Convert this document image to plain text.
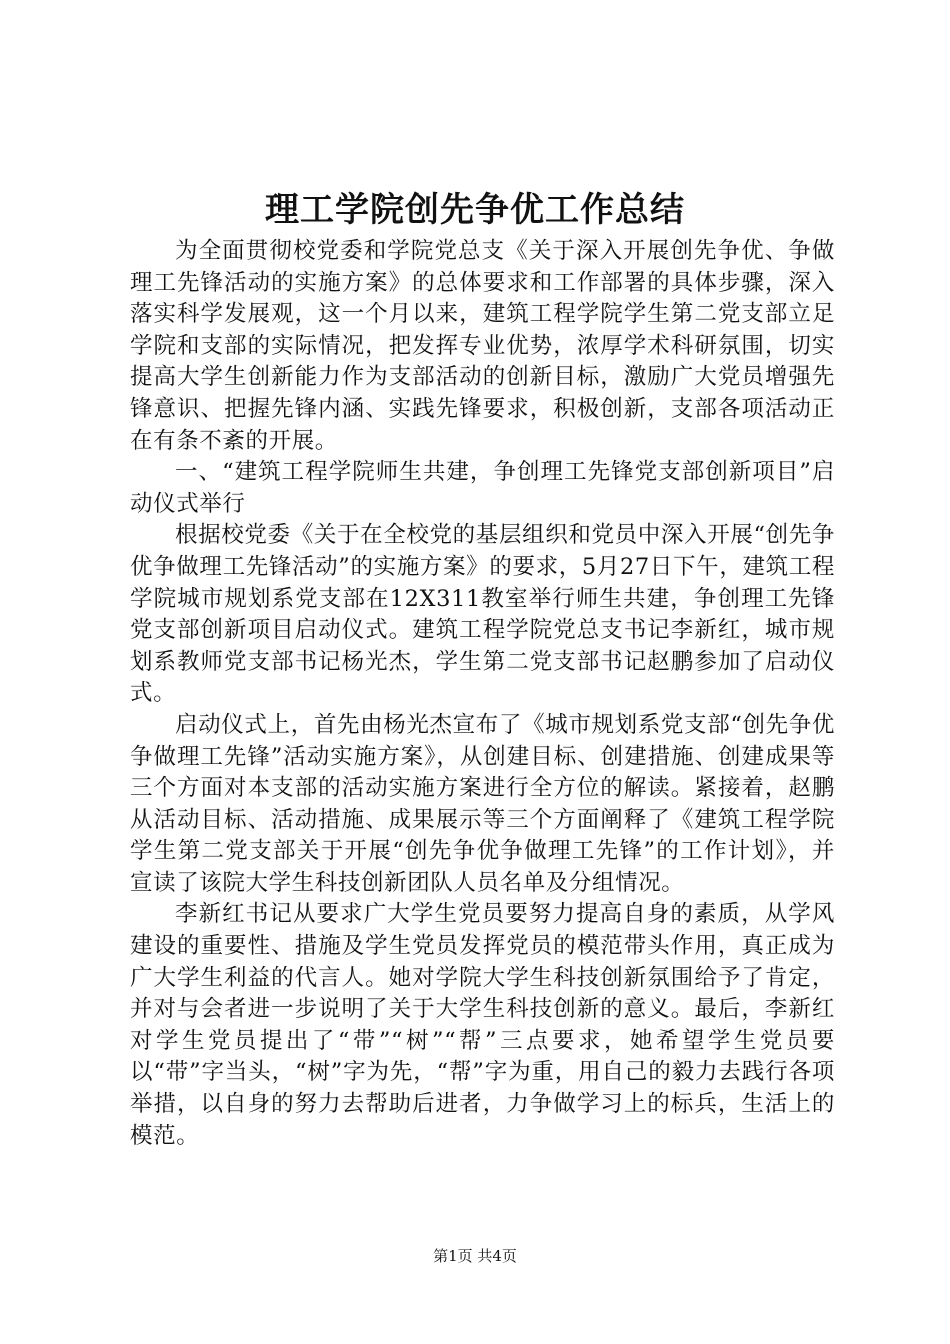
理工学院创先争优工作总结

为全面贯彻校党委和学院党总支《关于深入开展创先争优、争做理工先锋活动的实施方案》的总体要求和工作部署的具体步骤，深入落实科学发展观，这一个月以来，建筑工程学院学生第二党支部立足学院和支部的实际情况，把发挥专业优势，浓厚学术科研氛围，切实提高大学生创新能力作为支部活动的创新目标，激励广大党员增强先锋意识、把握先锋内涵、实践先锋要求，积极创新，支部各项活动正在有条不紊的开展。

一、“建筑工程学院师生共建，争创理工先锋党支部创新项目”启动仪式举行

根据校党委《关于在全校党的基层组织和党员中深入开展“创先争优争做理工先锋活动”的实施方案》的要求，5月27日下午，建筑工程学院城市规划系党支部在12X311教室举行师生共建，争创理工先锋党支部创新项目启动仪式。建筑工程学院党总支书记李新红，城市规划系教师党支部书记杨光杰，学生第二党支部书记赵鹏参加了启动仪式。

启动仪式上，首先由杨光杰宣布了《城市规划系党支部“创先争优争做理工先锋”活动实施方案》，从创建目标、创建措施、创建成果等三个方面对本支部的活动实施方案进行全方位的解读。紧接着，赵鹏从活动目标、活动措施、成果展示等三个方面阐释了《建筑工程学院学生第二党支部关于开展“创先争优争做理工先锋”的工作计划》，并宣读了该院大学生科技创新团队人员名单及分组情况。

李新红书记从要求广大学生党员要努力提高自身的素质，从学风建设的重要性、措施及学生党员发挥党员的模范带头作用，真正成为广大学生利益的代言人。她对学院大学生科技创新氛围给予了肯定，并对与会者进一步说明了关于大学生科技创新的意义。最后，李新红对学生党员提出了“带”“树”“帮”三点要求，她希望学生党员要以“带”字当头，“树”字为先，“帮”字为重，用自己的毅力去践行各项举措，以自身的努力去帮助后进者，力争做学习上的标兵，生活上的模范。

第1页 共4页
